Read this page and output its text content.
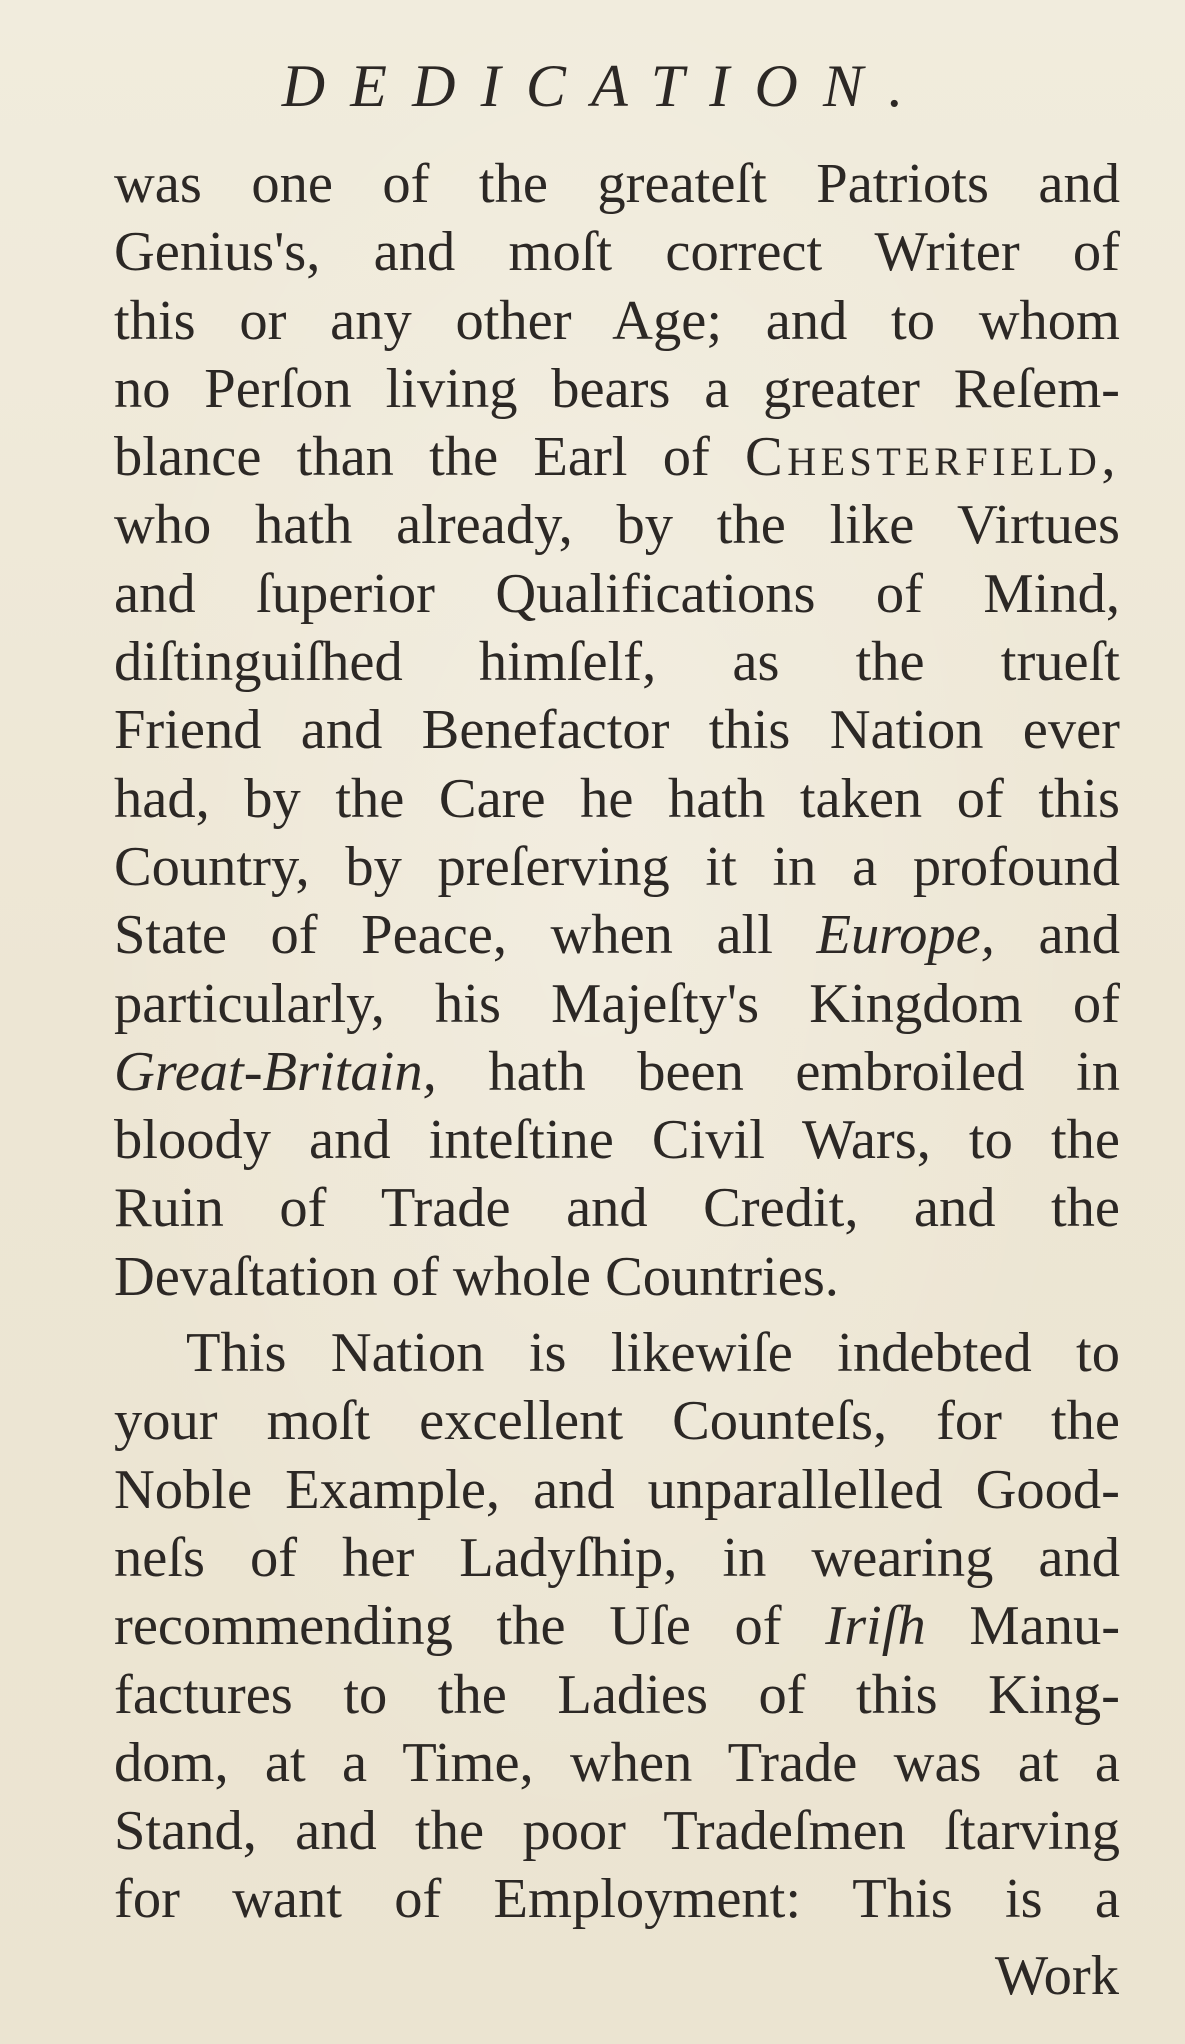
DEDICATION.
was one of the greateſt Patriots and
Genius's, and moſt correct Writer of
this or any other Age; and to whom
no Perſon living bears a greater Reſem-
blance than the Earl of Chesterfield,
who hath already, by the like Virtues
and ſuperior Qualifications of Mind,
diſtinguiſhed himſelf, as the trueſt
Friend and Benefactor this Nation ever
had, by the Care he hath taken of this
Country, by preſerving it in a profound
State of Peace, when all Europe, and
particularly, his Majeſty's Kingdom of
Great-Britain, hath been embroiled in
bloody and inteſtine Civil Wars, to the
Ruin of Trade and Credit, and the
Devaſtation of whole Countries.
This Nation is likewiſe indebted to
your moſt excellent Counteſs, for the
Noble Example, and unparallelled Good-
neſs of her Ladyſhip, in wearing and
recommending the Uſe of Iriſh Manu-
factures to the Ladies of this King-
dom, at a Time, when Trade was at a
Stand, and the poor Tradeſmen ſtarving
for want of Employment: This is a
Work
